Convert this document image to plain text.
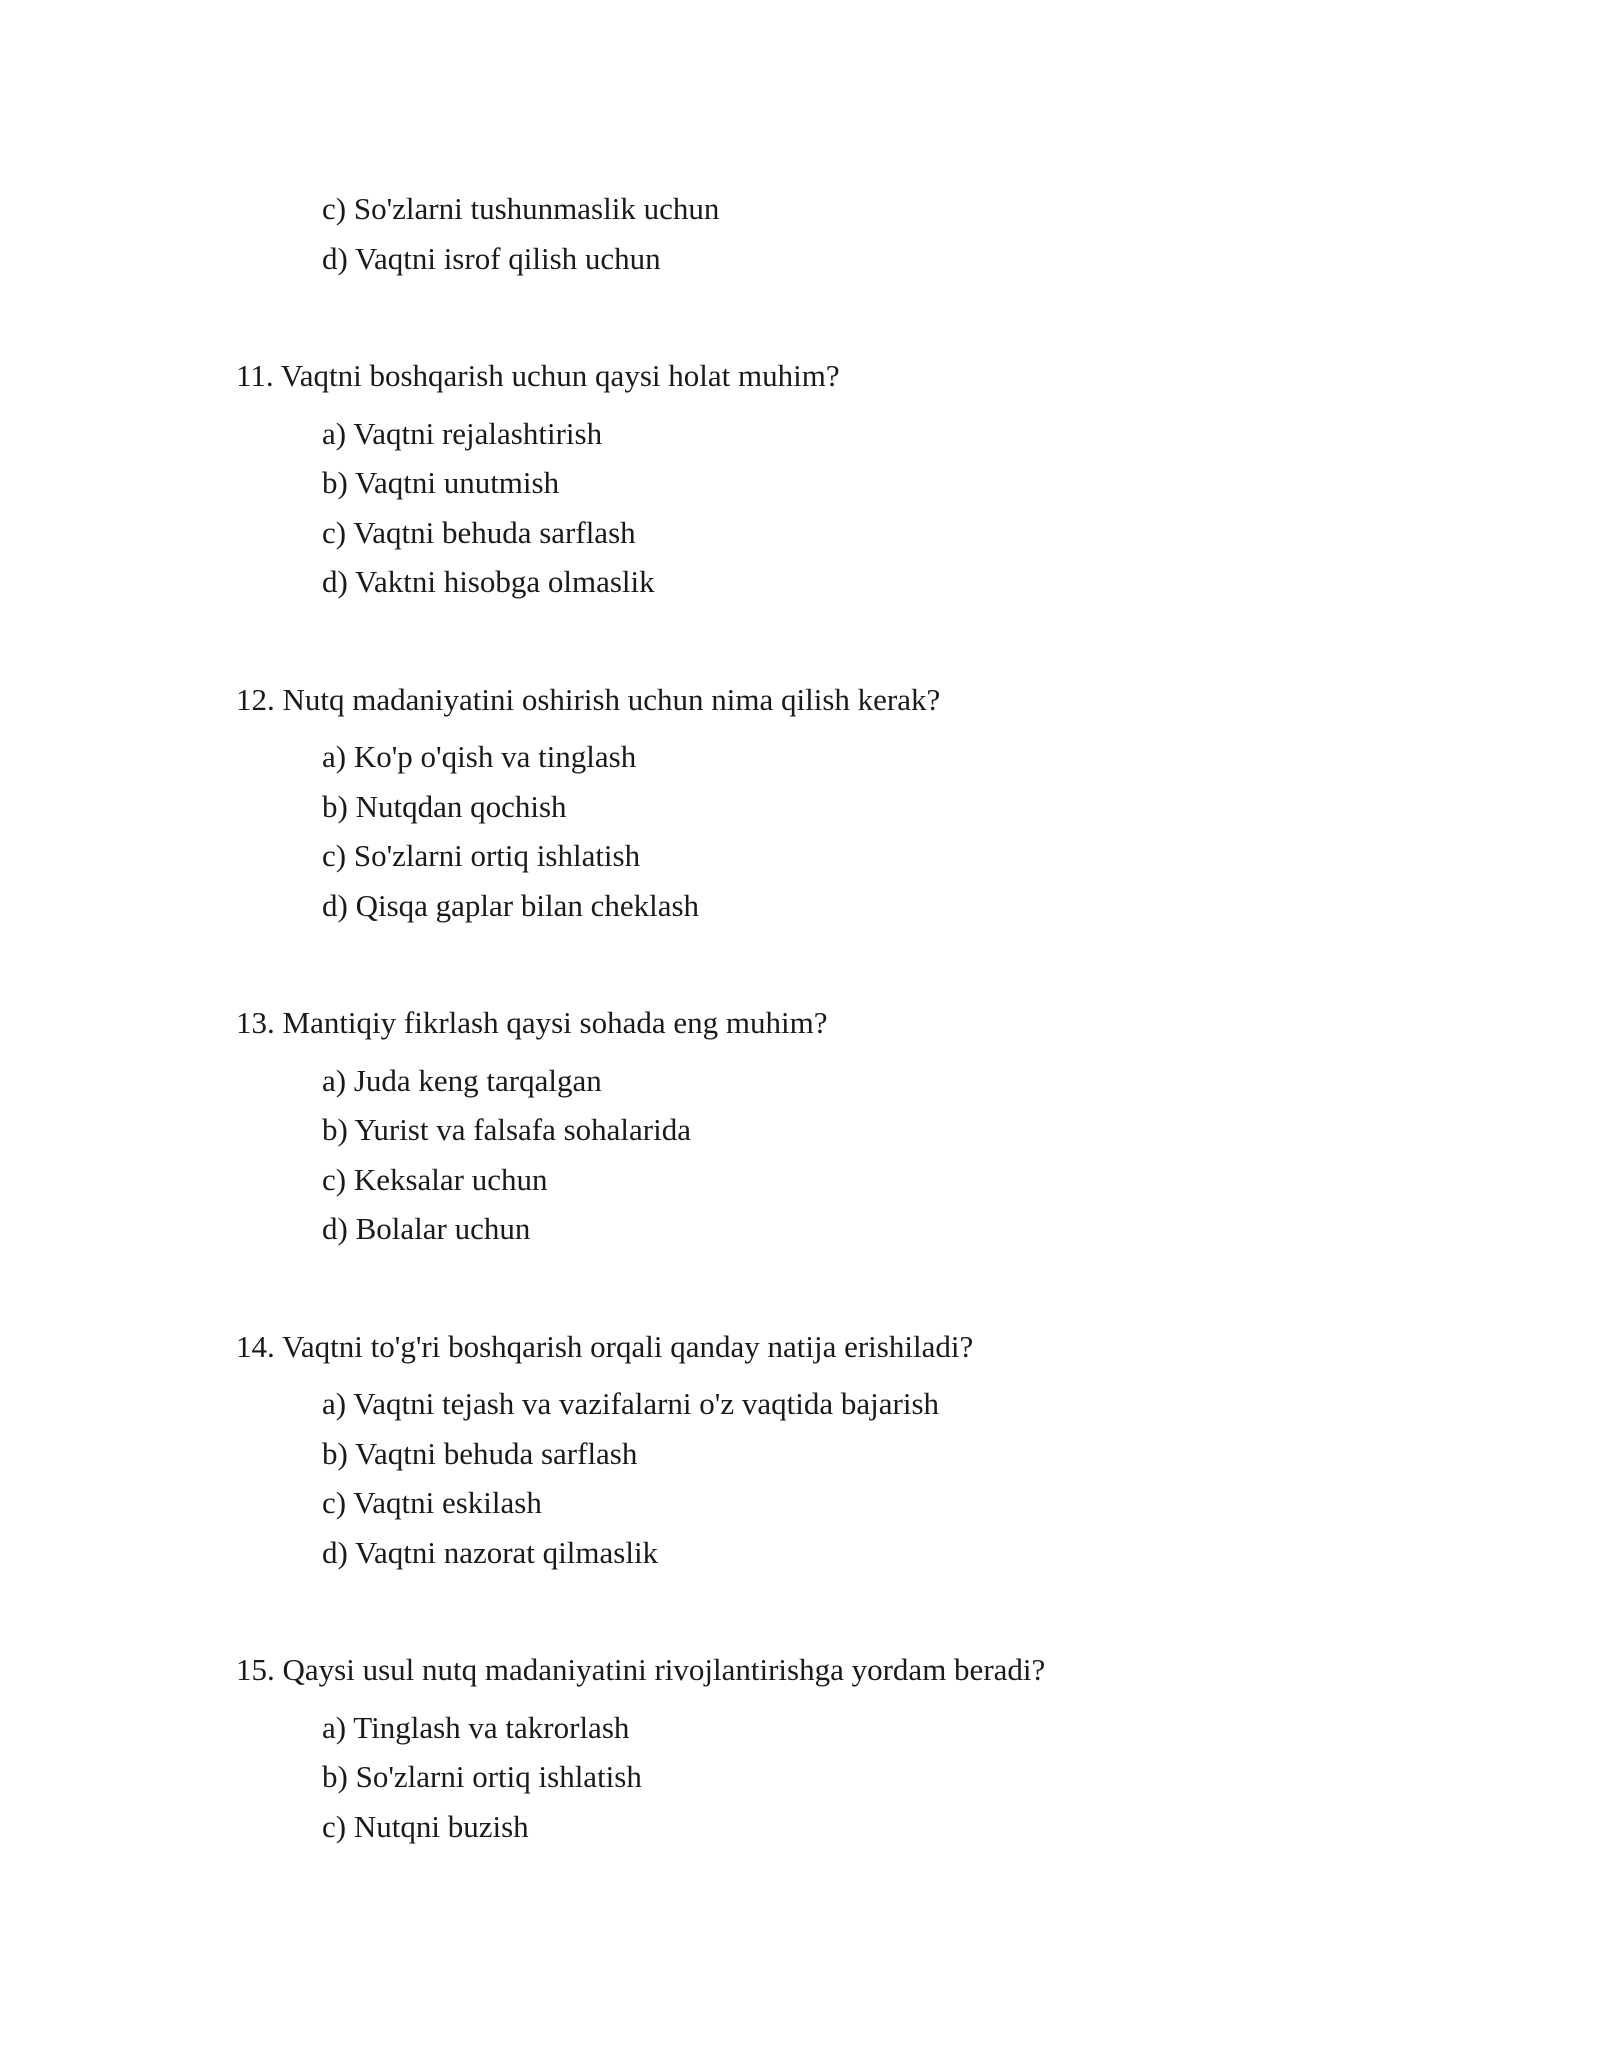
c) So'zlarni tushunmaslik uchun
d) Vaqtni isrof qilish uchun
11. Vaqtni boshqarish uchun qaysi holat muhim?
a) Vaqtni rejalashtirish
b) Vaqtni unutmish
c) Vaqtni behuda sarflash
d) Vaktni hisobga olmaslik
12. Nutq madaniyatini oshirish uchun nima qilish kerak?
a) Ko'p o'qish va tinglash
b) Nutqdan qochish
c) So'zlarni ortiq ishlatish
d) Qisqa gaplar bilan cheklash
13. Mantiqiy fikrlash qaysi sohada eng muhim?
a) Juda keng tarqalgan
b) Yurist va falsafa sohalarida
c) Keksalar uchun
d) Bolalar uchun
14. Vaqtni to'g'ri boshqarish orqali qanday natija erishiladi?
a) Vaqtni tejash va vazifalarni o'z vaqtida bajarish
b) Vaqtni behuda sarflash
c) Vaqtni eskilash
d) Vaqtni nazorat qilmaslik
15. Qaysi usul nutq madaniyatini rivojlantirishga yordam beradi?
a) Tinglash va takrorlash
b) So'zlarni ortiq ishlatish
c) Nutqni buzish
